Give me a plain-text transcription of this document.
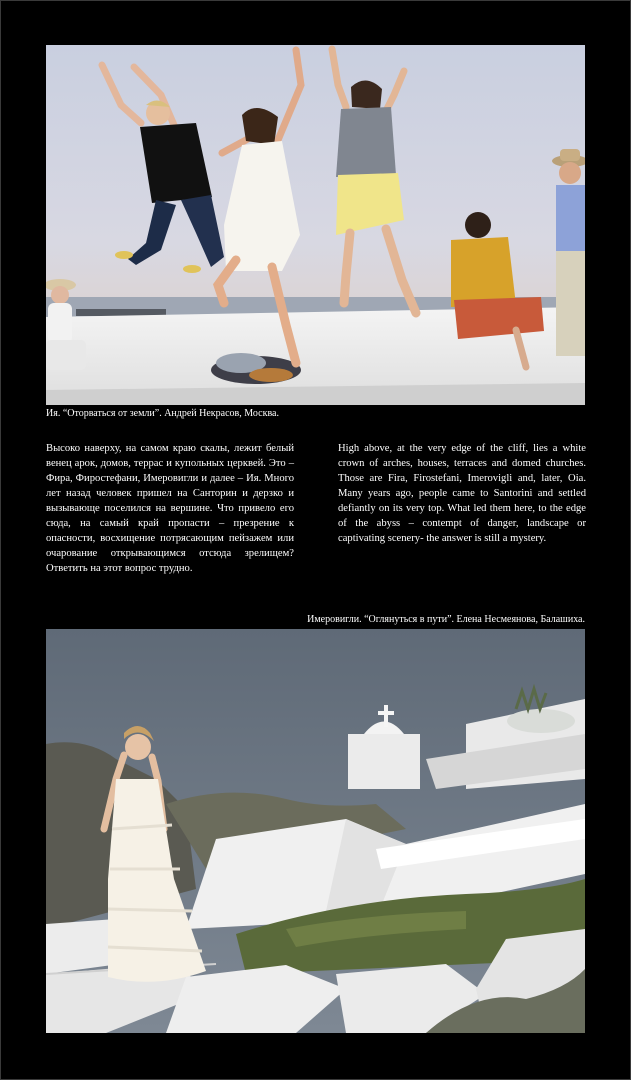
Ия. “Оторваться от земли”. Андрей Некрасов, Москва.
Высоко наверху, на самом краю скалы, лежит белый венец арок, домов, террас и купольных церквей. Это – Фира, Фиростефани, Имеровигли и далее – Ия. Много лет назад человек пришел на Санторин и дерзко и вызывающе поселился на вершине. Что привело его сюда, на самый край пропасти – презрение к опасности, восхищение потрясающим пейзажем или очарование открывающимся отсюда зрелищем? Ответить на этот вопрос трудно.
High above, at the very edge of the cliff, lies a white crown of arches, houses, terraces and domed churches. Those are Fira, Firostefani, Imerovigli and, later, Oia. Many years ago, people came to Santorini and settled defiantly on its very top. What led them here, to the edge of the abyss – contempt of danger, landscape or captivating scenery- the answer is still a mystery.
Имеровигли. “Оглянуться в пути”. Елена Несмеянова, Балашиха.
